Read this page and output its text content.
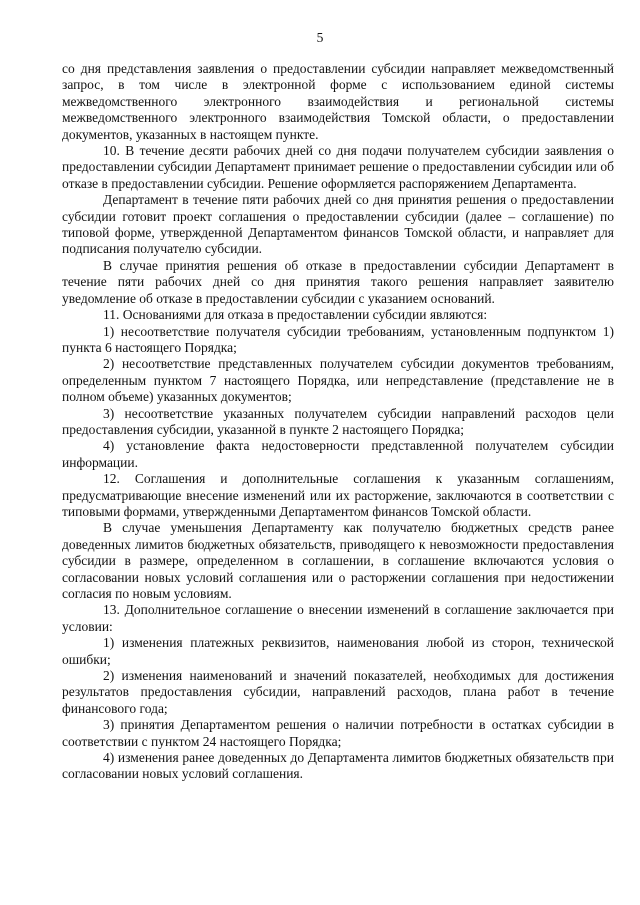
5

со дня представления заявления о предоставлении субсидии направляет межведомственный запрос, в том числе в электронной форме с использованием единой системы межведомственного электронного взаимодействия и региональной системы межведомственного электронного взаимодействия Томской области, о предоставлении документов, указанных в настоящем пункте.

10. В течение десяти рабочих дней со дня подачи получателем субсидии заявления о предоставлении субсидии Департамент принимает решение о предоставлении субсидии или об отказе в предоставлении субсидии. Решение оформляется распоряжением Департамента.

Департамент в течение пяти рабочих дней со дня принятия решения о предоставлении субсидии готовит проект соглашения о предоставлении субсидии (далее – соглашение) по типовой форме, утвержденной Департаментом финансов Томской области, и направляет для подписания получателю субсидии.

В случае принятия решения об отказе в предоставлении субсидии Департамент в течение пяти рабочих дней со дня принятия такого решения направляет заявителю уведомление об отказе в предоставлении субсидии с указанием оснований.

11. Основаниями для отказа в предоставлении субсидии являются:

1) несоответствие получателя субсидии требованиям, установленным подпунктом 1) пункта 6 настоящего Порядка;

2) несоответствие представленных получателем субсидии документов требованиям, определенным пунктом 7 настоящего Порядка, или непредставление (представление не в полном объеме) указанных документов;

3) несоответствие указанных получателем субсидии направлений расходов цели предоставления субсидии, указанной в пункте 2 настоящего Порядка;

4) установление факта недостоверности представленной получателем субсидии информации.

12. Соглашения и дополнительные соглашения к указанным соглашениям, предусматривающие внесение изменений или их расторжение, заключаются в соответствии с типовыми формами, утвержденными Департаментом финансов Томской области.

В случае уменьшения Департаменту как получателю бюджетных средств ранее доведенных лимитов бюджетных обязательств, приводящего к невозможности предоставления субсидии в размере, определенном в соглашении, в соглашение включаются условия о согласовании новых условий соглашения или о расторжении соглашения при недостижении согласия по новым условиям.

13. Дополнительное соглашение о внесении изменений в соглашение заключается при условии:

1) изменения платежных реквизитов, наименования любой из сторон, технической ошибки;

2) изменения наименований и значений показателей, необходимых для достижения результатов предоставления субсидии, направлений расходов, плана работ в течение финансового года;

3) принятия Департаментом решения о наличии потребности в остатках субсидии в соответствии с пунктом 24 настоящего Порядка;

4) изменения ранее доведенных до Департамента лимитов бюджетных обязательств при согласовании новых условий соглашения.
